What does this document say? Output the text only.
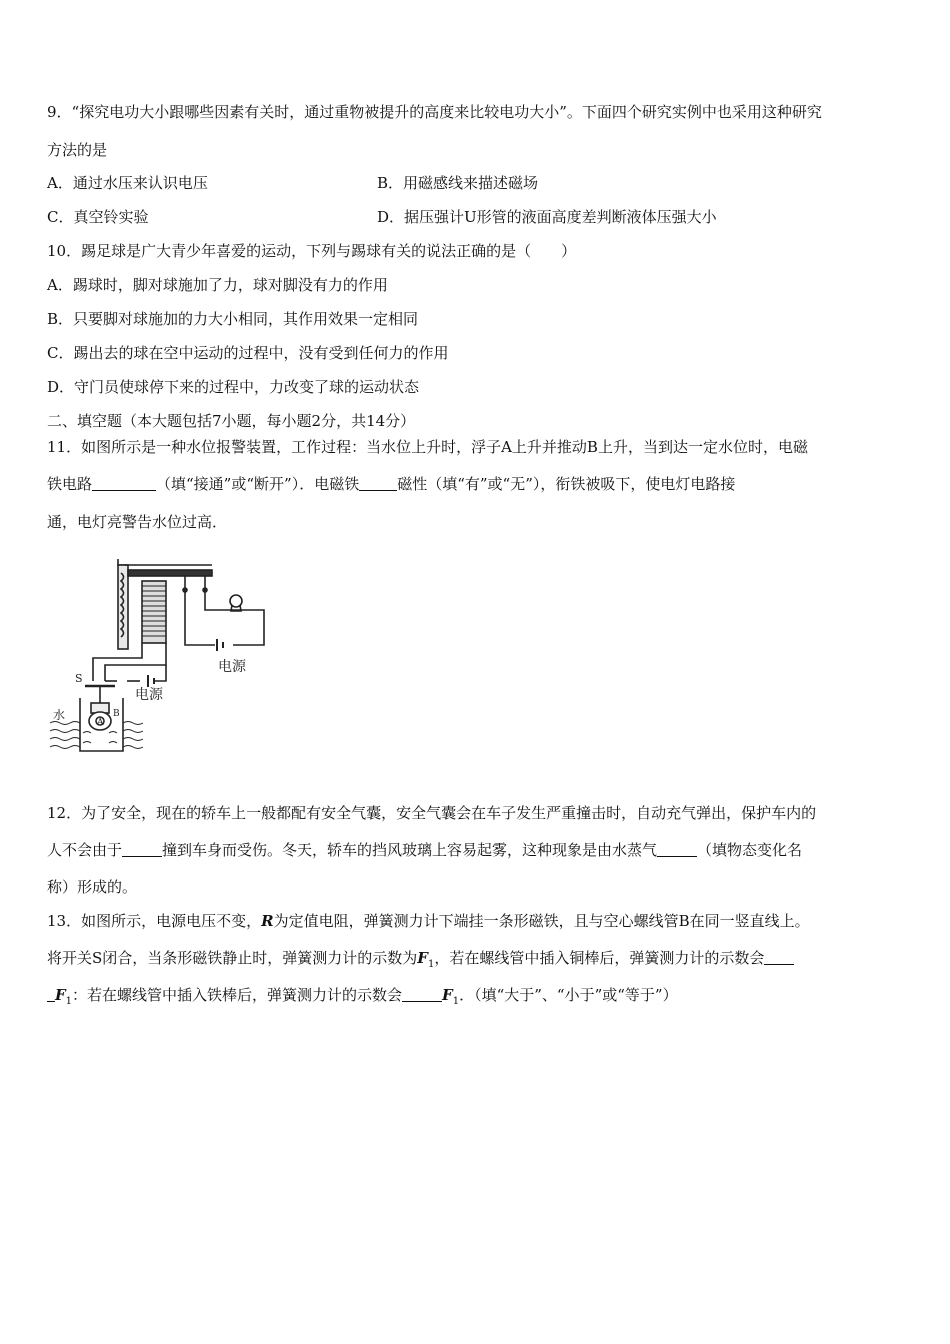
9．“探究电功大小跟哪些因素有关时，通过重物被提升的高度来比较电功大小”。下面四个研究实例中也采用这种研究
方法的是
A．通过水压来认识电压	B．用磁感线来描述磁场
C．真空铃实验	D．据压强计U形管的液面高度差判断液体压强大小
10．踢足球是广大青少年喜爱的运动，下列与踢球有关的说法正确的是（　　）
A．踢球时，脚对球施加了力，球对脚没有力的作用
B．只要脚对球施加的力大小相同，其作用效果一定相同
C．踢出去的球在空中运动的过程中，没有受到任何力的作用
D．守门员使球停下来的过程中，力改变了球的运动状态
二、填空题（本大题包括7小题，每小题2分，共14分）
11．如图所示是一种水位报警装置，工作过程：当水位上升时，浮子A上升并推动B上升，当到达一定水位时，电磁
铁电路	（填“接通”或“断开”）．电磁铁	磁性（填“有”或“无”），衔铁被吸下，使电灯电路接
通，电灯亮警告水位过高．
电源
电源
S
水
A
B
12．为了安全，现在的轿车上一般都配有安全气囊，安全气囊会在车子发生严重撞击时，自动充气弹出，保护车内的
人不会由于	撞到车身而受伤。冬天，轿车的挡风玻璃上容易起雾，这种现象是由水蒸气	（填物态变化名
称）形成的。
13．如图所示，电源电压不变，R为定值电阻，弹簧测力计下端挂一条形磁铁，且与空心螺线管B在同一竖直线上。
将开关S闭合，当条形磁铁静止时，弹簧测力计的示数为$F_1$，若在螺线管中插入铜棒后，弹簧测力计的示数会
$F_1$：若在螺线管中插入铁棒后，弹簧测力计的示数会	$F_1$．（填“大于”、“小于”或“等于”）
